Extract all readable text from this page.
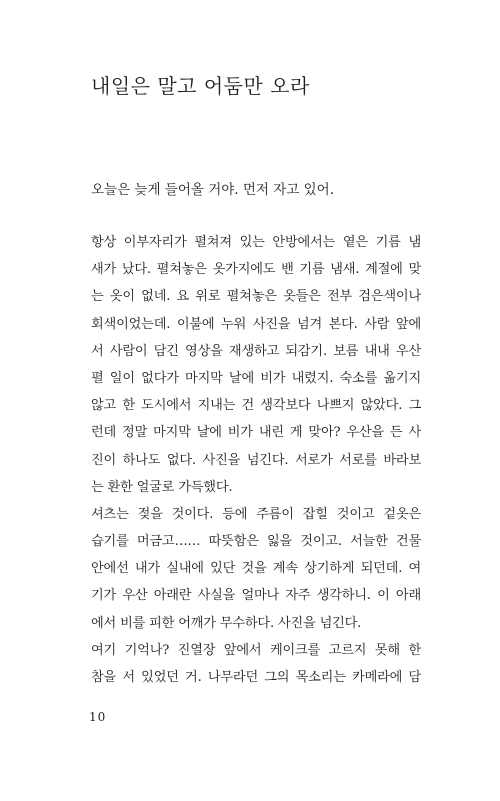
내일은 말고 어둠만 오라

오늘은 늦게 들어올 거야. 먼저 자고 있어.

항상 이부자리가 펼쳐져 있는 안방에서는 옅은 기름 냄
새가 났다. 펼쳐놓은 옷가지에도 밴 기름 냄새. 계절에 맞
는 옷이 없네. 요 위로 펼쳐놓은 옷들은 전부 검은색이나
회색이었는데. 이불에 누워 사진을 넘겨 본다. 사람 앞에
서 사람이 담긴 영상을 재생하고 되감기. 보름 내내 우산
펼 일이 없다가 마지막 날에 비가 내렸지. 숙소를 옮기지
않고 한 도시에서 지내는 건 생각보다 나쁘지 않았다. 그
런데 정말 마지막 날에 비가 내린 게 맞아? 우산을 든 사
진이 하나도 없다. 사진을 넘긴다. 서로가 서로를 바라보
는 환한 얼굴로 가득했다.
셔츠는 젖을 것이다. 등에 주름이 잡힐 것이고 겉옷은
습기를 머금고…… 따뜻함은 잃을 것이고. 서늘한 건물
안에선 내가 실내에 있단 것을 계속 상기하게 되던데. 여
기가 우산 아래란 사실을 얼마나 자주 생각하니. 이 아래
에서 비를 피한 어깨가 무수하다. 사진을 넘긴다.
여기 기억나? 진열장 앞에서 케이크를 고르지 못해 한
참을 서 있었던 거. 나무라던 그의 목소리는 카메라에 담

10
